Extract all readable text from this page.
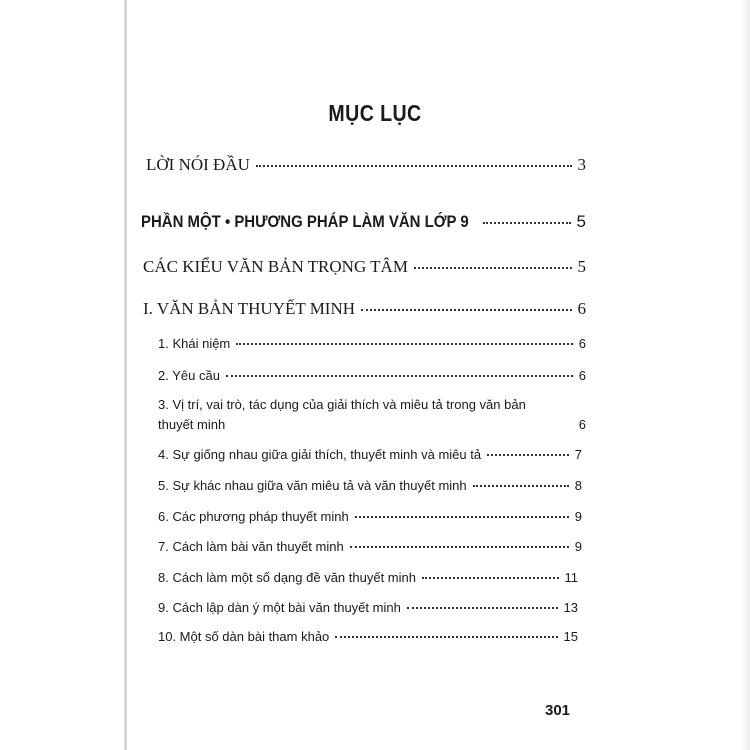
MỤC LỤC
LỜI NÓI ĐẦU	3
PHẦN MỘT • PHƯƠNG PHÁP LÀM VĂN LỚP 9	5
CÁC KIỂU VĂN BẢN TRỌNG TÂM	5
I. VĂN BẢN THUYẾT MINH	6
1. Khái niệm	6
2. Yêu cầu	6
3. Vị trí, vai trò, tác dụng của giải thích và miêu tả trong văn bản
thuyết minh	6
4. Sự giống nhau giữa giải thích, thuyết minh và miêu tả	7
5. Sự khác nhau giữa văn miêu tả và văn thuyết minh	8
6. Các phương pháp thuyết minh	9
7. Cách làm bài văn thuyết minh	9
8. Cách làm một số dạng đề văn thuyết minh	11
9. Cách lập dàn ý một bài văn thuyết minh	13
10. Một số dàn bài tham khảo	15
301
